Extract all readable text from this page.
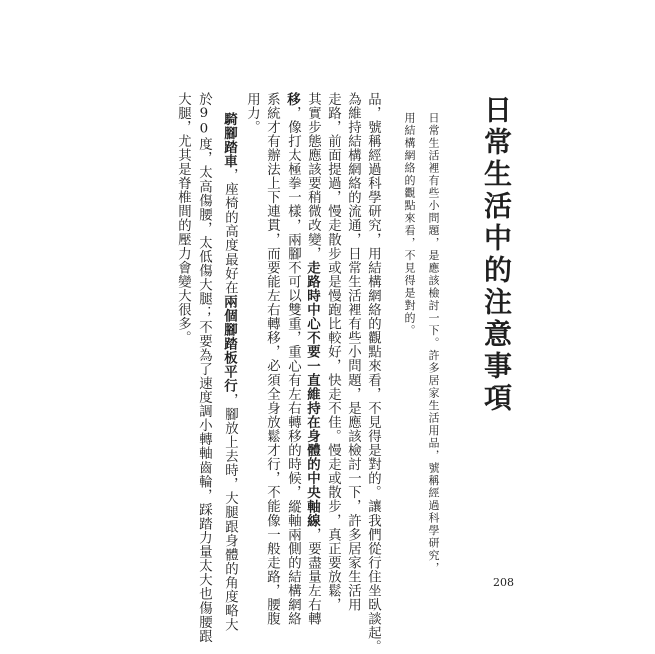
日常生活中的注意事項
日常生活裡有些小問題，是應該檢討一下。許多居家生活用品，號稱經過科學研究，
用結構網絡的觀點來看，不見得是對的。
品，號稱經過科學研究，用結構網絡的觀點來看，不見得是對的。讓我們從行住坐臥談起。
為維持結構網絡的流通，日常生活裡有些小問題，是應該檢討一下，許多居家生活用
走路，前面提過，慢走散步或是慢跑比較好，快走不佳。慢走或散步，真正要放鬆，
其實步態應該要稍微改變，走路時中心不要一直維持在身體的中央軸線，要盡量左右轉
移，像打太極拳一樣，兩腳不可以雙重，重心有左右轉移的時候，縱軸兩側的結構網絡
系統才有辦法上下連貫，而要能左右轉移，必須全身放鬆才行，不能像一般走路，腰腹
用力。
騎腳踏車，座椅的高度最好在兩個腳踏板平行，腳放上去時，大腿跟身體的角度略大
於90度，太高傷腰，太低傷大腿；不要為了速度調小轉軸齒輪，踩踏力量太大也傷腰跟
大腿，尤其是脊椎間的壓力會變大很多。
208
